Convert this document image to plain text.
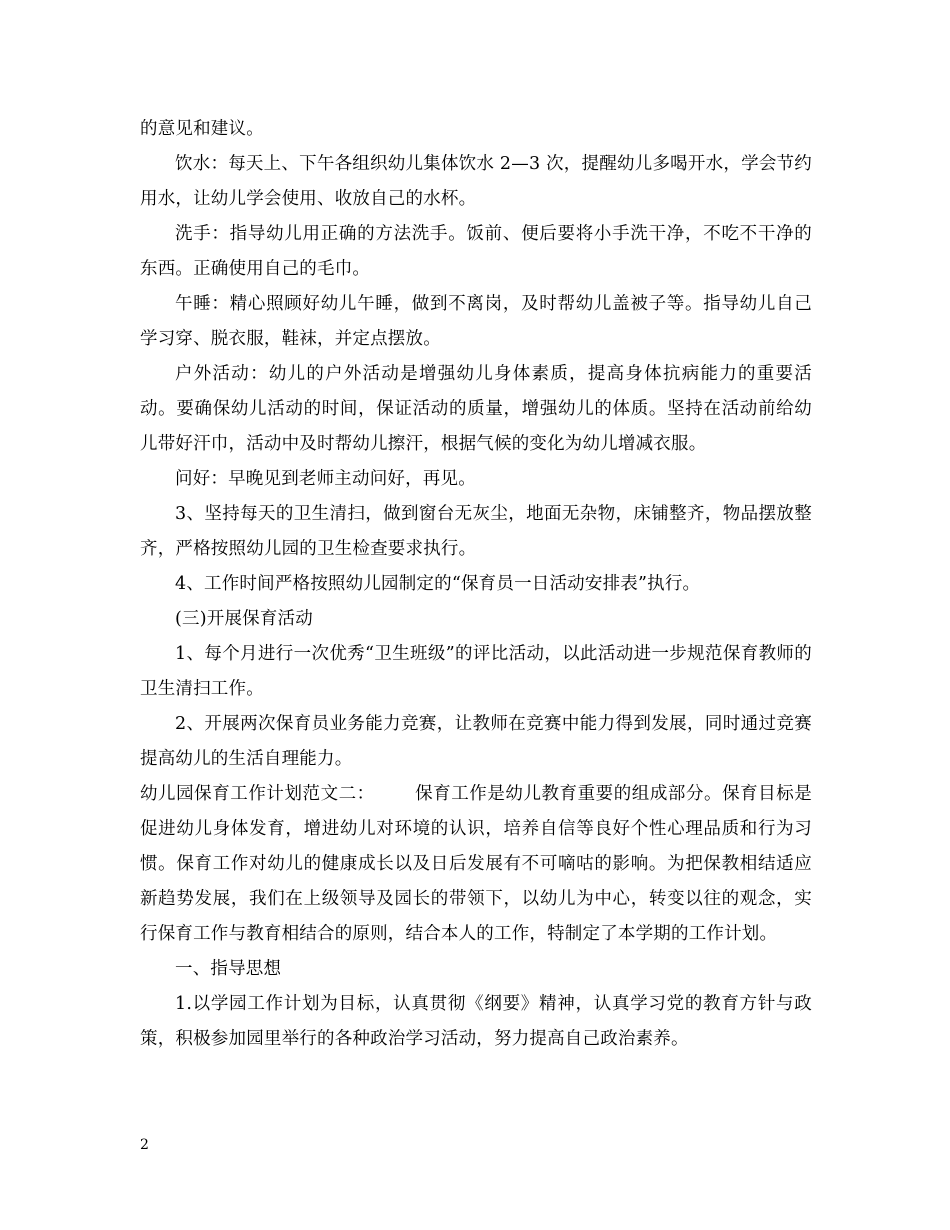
的意见和建议。

饮水：每天上、下午各组织幼儿集体饮水 2—3 次，提醒幼儿多喝开水，学会节约用水，让幼儿学会使用、收放自己的水杯。

洗手：指导幼儿用正确的方法洗手。饭前、便后要将小手洗干净，不吃不干净的东西。正确使用自己的毛巾。

午睡：精心照顾好幼儿午睡，做到不离岗，及时帮幼儿盖被子等。指导幼儿自己学习穿、脱衣服，鞋袜，并定点摆放。

户外活动：幼儿的户外活动是增强幼儿身体素质，提高身体抗病能力的重要活动。要确保幼儿活动的时间，保证活动的质量，增强幼儿的体质。坚持在活动前给幼儿带好汗巾，活动中及时帮幼儿擦汗，根据气候的变化为幼儿增减衣服。

问好：早晚见到老师主动问好，再见。

3、坚持每天的卫生清扫，做到窗台无灰尘，地面无杂物，床铺整齐，物品摆放整齐，严格按照幼儿园的卫生检查要求执行。

4、工作时间严格按照幼儿园制定的“保育员一日活动安排表”执行。

(三)开展保育活动

1、每个月进行一次优秀“卫生班级”的评比活动，以此活动进一步规范保育教师的卫生清扫工作。

2、开展两次保育员业务能力竞赛，让教师在竞赛中能力得到发展，同时通过竞赛提高幼儿的生活自理能力。

幼儿园保育工作计划范文二： 保育工作是幼儿教育重要的组成部分。保育目标是促进幼儿身体发育，增进幼儿对环境的认识，培养自信等良好个性心理品质和行为习惯。保育工作对幼儿的健康成长以及日后发展有不可嘀咕的影响。为把保教相结适应新趋势发展，我们在上级领导及园长的带领下，以幼儿为中心，转变以往的观念，实行保育工作与教育相结合的原则，结合本人的工作，特制定了本学期的工作计划。

一、指导思想

1.以学园工作计划为目标，认真贯彻《纲要》精神，认真学习党的教育方针与政策，积极参加园里举行的各种政治学习活动，努力提高自己政治素养。

2
